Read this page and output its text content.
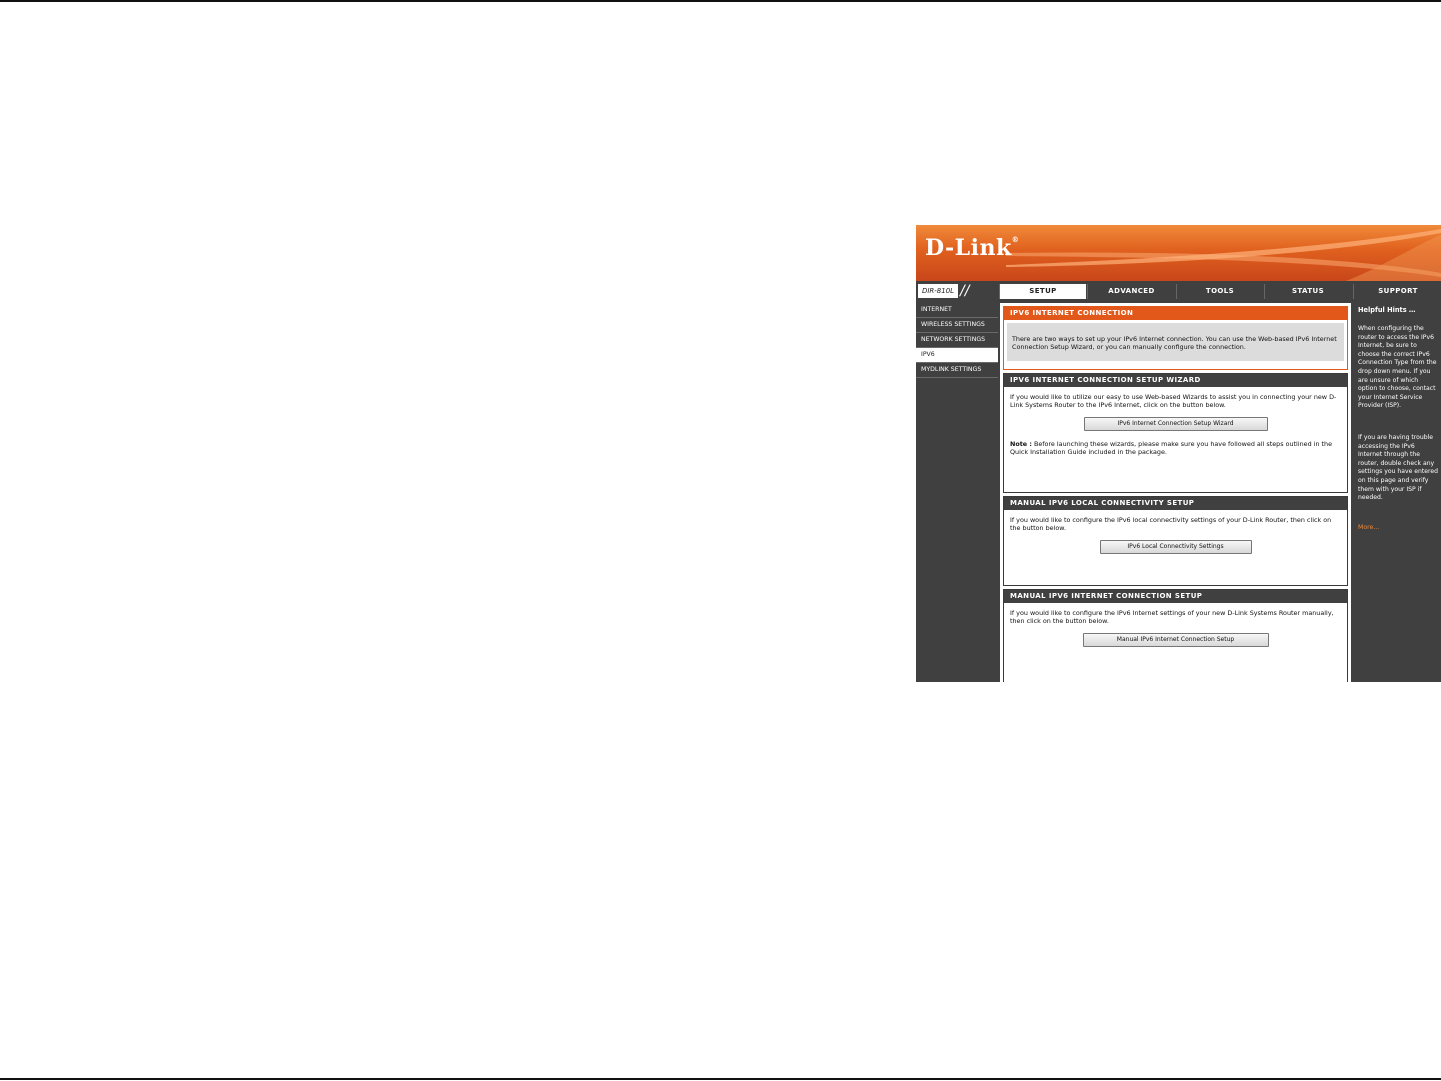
D-Link®
DIR-810L //	SETUP	ADVANCED	TOOLS	STATUS	SUPPORT
INTERNET
WIRELESS SETTINGS
NETWORK SETTINGS
IPV6
MYDLINK SETTINGS
IPV6 INTERNET CONNECTION
There are two ways to set up your IPv6 Internet connection. You can use the Web-based IPv6 Internet Connection Setup Wizard, or you can manually configure the connection.
IPV6 INTERNET CONNECTION SETUP WIZARD
If you would like to utilize our easy to use Web-based Wizards to assist you in connecting your new D-Link Systems Router to the IPv6 Internet, click on the button below.
IPv6 Internet Connection Setup Wizard
Note : Before launching these wizards, please make sure you have followed all steps outlined in the Quick Installation Guide included in the package.
MANUAL IPV6 LOCAL CONNECTIVITY SETUP
If you would like to configure the IPv6 local connectivity settings of your D-Link Router, then click on the button below.
IPv6 Local Connectivity Settings
MANUAL IPV6 INTERNET CONNECTION SETUP
If you would like to configure the IPv6 Internet settings of your new D-Link Systems Router manually, then click on the button below.
Manual IPv6 Internet Connection Setup
Helpful Hints …
When configuring the router to access the IPv6 Internet, be sure to choose the correct IPv6 Connection Type from the drop down menu. If you are unsure of which option to choose, contact your Internet Service Provider (ISP).
If you are having trouble accessing the IPv6 Internet through the router, double check any settings you have entered on this page and verify them with your ISP if needed.
More...
